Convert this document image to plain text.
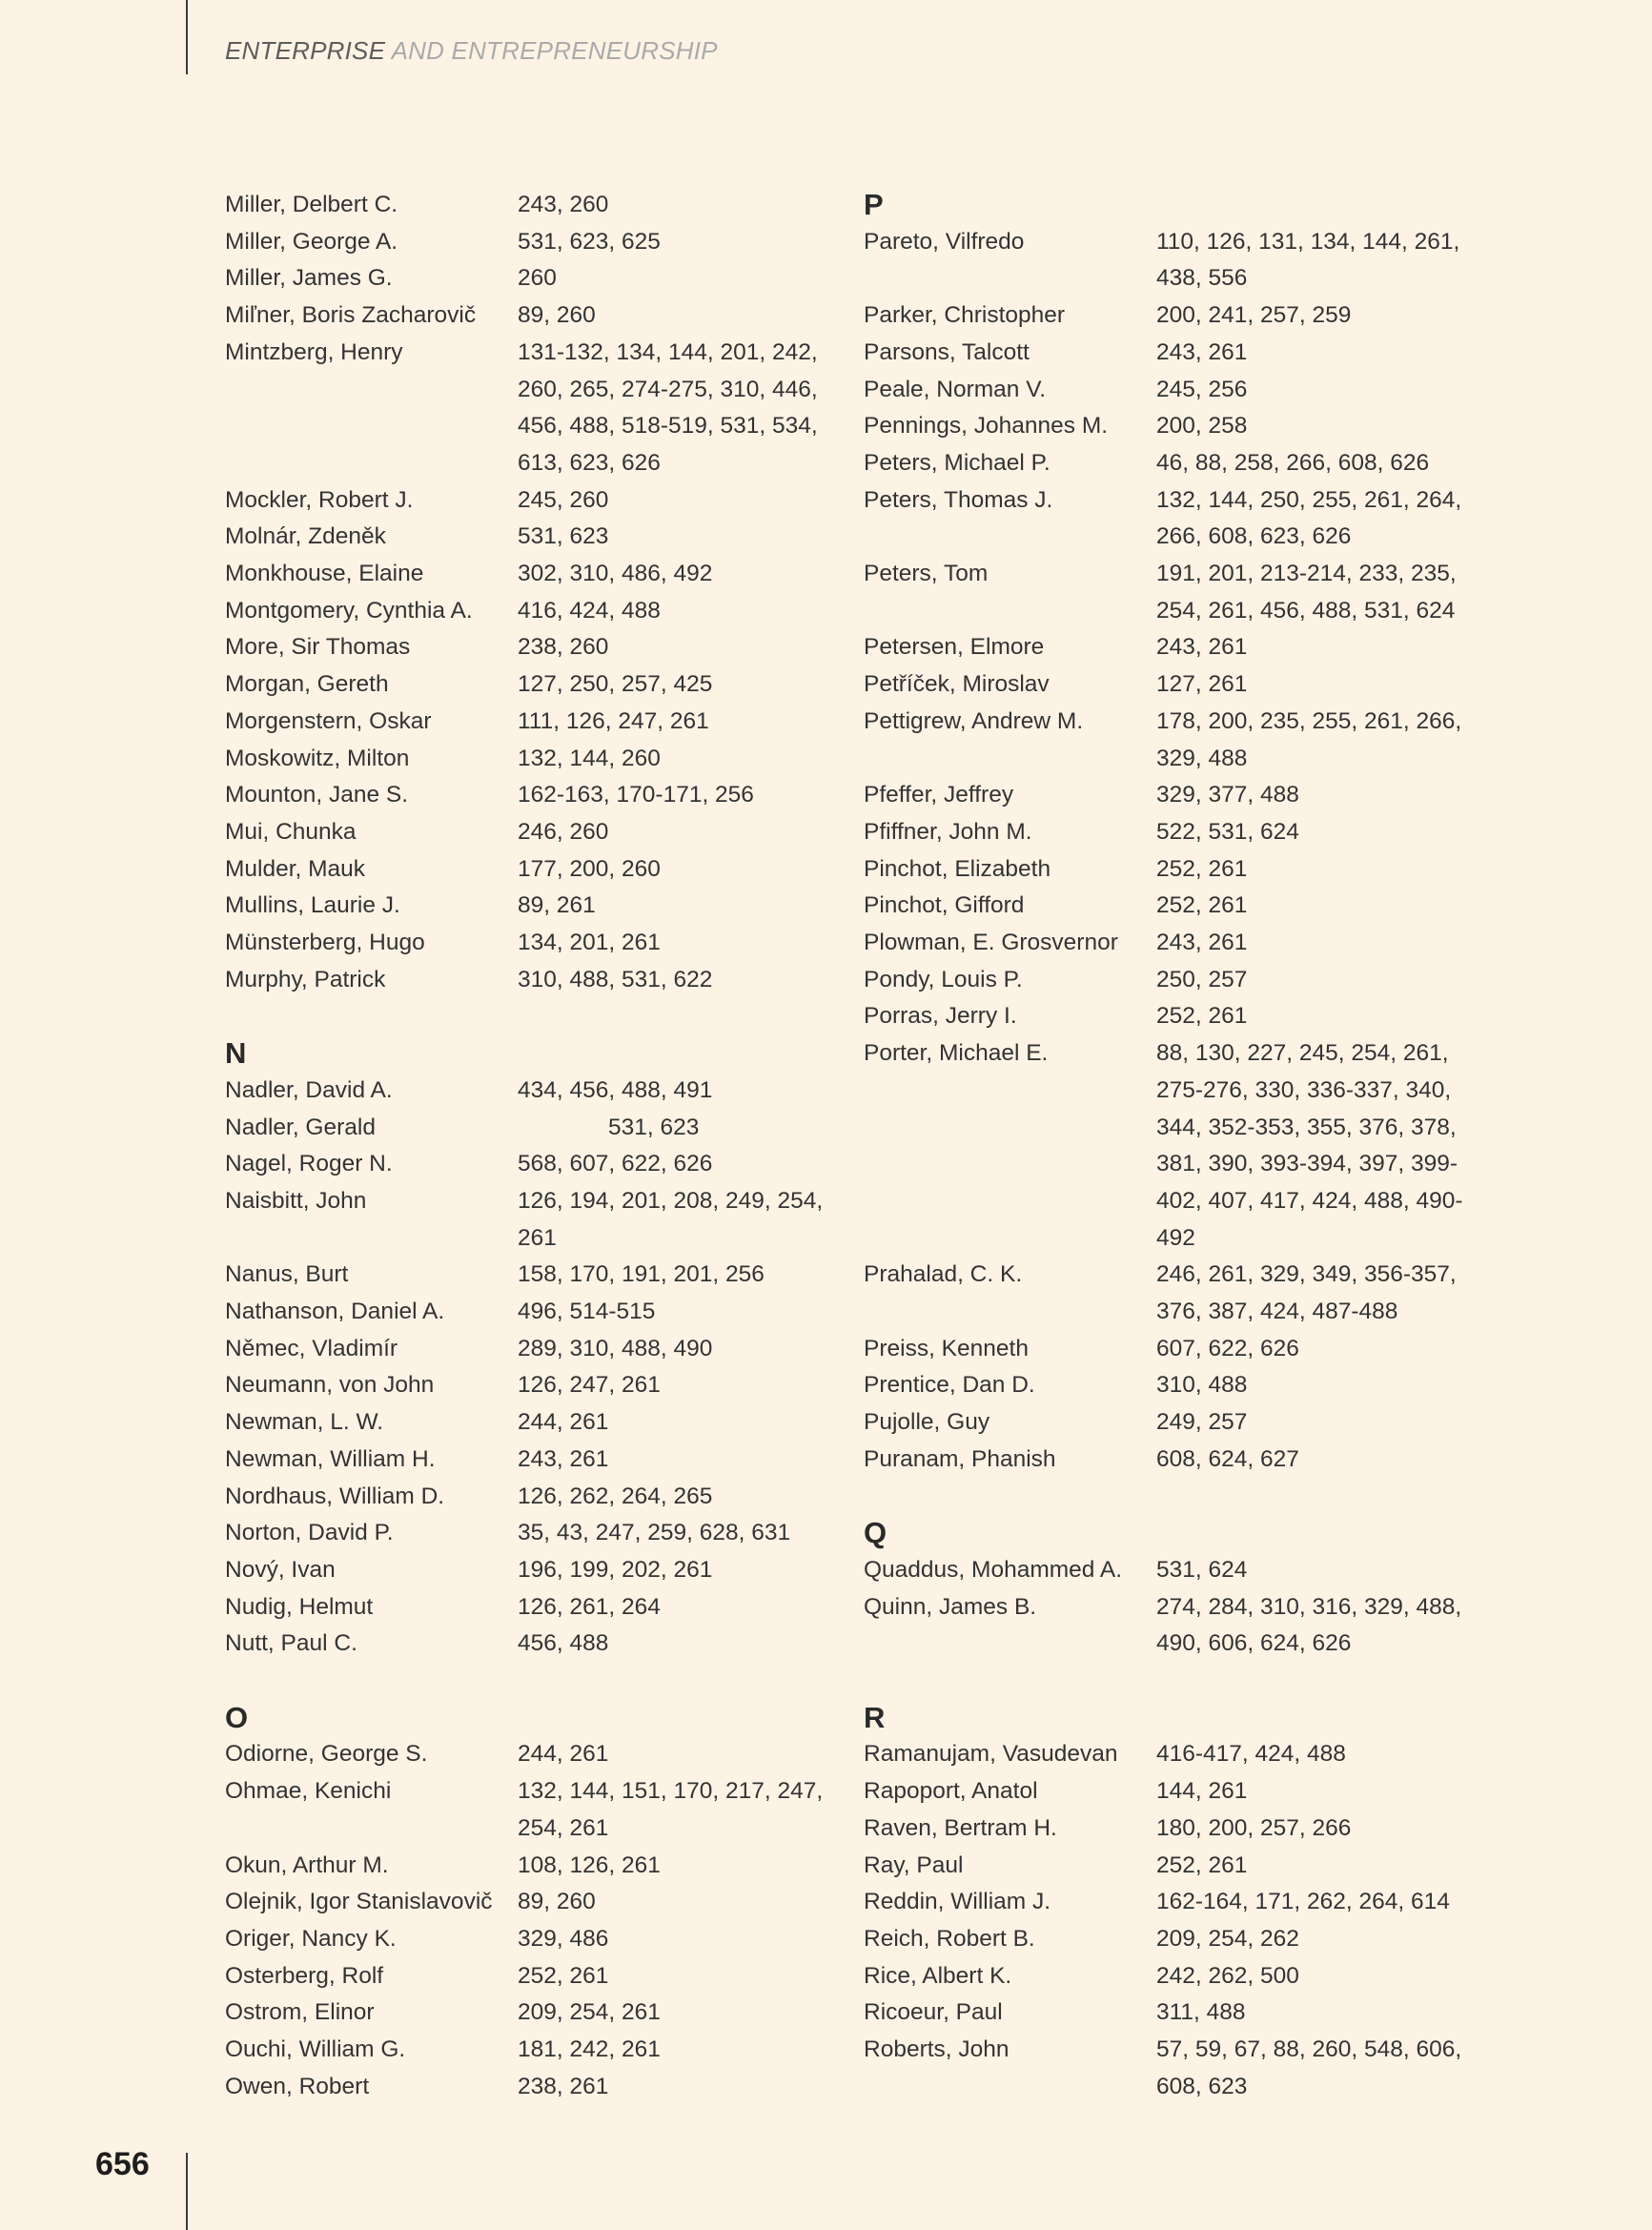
ENTERPRISE AND ENTREPRENEURSHIP
Miller, Delbert C.	243, 260
Miller, George A.	531, 623, 625
Miller, James G.	260
Miľner, Boris Zacharovič	89, 260
Mintzberg, Henry	131-132, 134, 144, 201, 242, 260, 265, 274-275, 310, 446, 456, 488, 518-519, 531, 534, 613, 623, 626
Mockler, Robert J.	245, 260
Molnár, Zdeněk	531, 623
Monkhouse, Elaine	302, 310, 486, 492
Montgomery, Cynthia A.	416, 424, 488
More, Sir Thomas	238, 260
Morgan, Gereth	127, 250, 257, 425
Morgenstern, Oskar	111, 126, 247, 261
Moskowitz, Milton	132, 144, 260
Mounton, Jane S.	162-163, 170-171, 256
Mui, Chunka	246, 260
Mulder, Mauk	177, 200, 260
Mullins, Laurie J.	89, 261
Münsterberg, Hugo	134, 201, 261
Murphy, Patrick	310, 488, 531, 622
N
Nadler, David A.	434, 456, 488, 491
Nadler, Gerald	531, 623
Nagel, Roger N.	568, 607, 622, 626
Naisbitt, John	126, 194, 201, 208, 249, 254, 261
Nanus, Burt	158, 170, 191, 201, 256
Nathanson, Daniel A.	496, 514-515
Němec, Vladimír	289, 310, 488, 490
Neumann, von John	126, 247, 261
Newman, L. W.	244, 261
Newman, William H.	243, 261
Nordhaus, William D.	126, 262, 264, 265
Norton, David P.	35, 43, 247, 259, 628, 631
Nový, Ivan	196, 199, 202, 261
Nudig, Helmut	126, 261, 264
Nutt, Paul C.	456, 488
O
Odiorne, George S.	244, 261
Ohmae, Kenichi	132, 144, 151, 170, 217, 247, 254, 261
Okun, Arthur M.	108, 126, 261
Olejnik, Igor Stanislavovič	89, 260
Origer, Nancy K.	329, 486
Osterberg, Rolf	252, 261
Ostrom, Elinor	209, 254, 261
Ouchi, William G.	181, 242, 261
Owen, Robert	238, 261
P
Pareto, Vilfredo	110, 126, 131, 134, 144, 261, 438, 556
Parker, Christopher	200, 241, 257, 259
Parsons, Talcott	243, 261
Peale, Norman V.	245, 256
Pennings, Johannes M.	200, 258
Peters, Michael P.	46, 88, 258, 266, 608, 626
Peters, Thomas J.	132, 144, 250, 255, 261, 264, 266, 608, 623, 626
Peters, Tom	191, 201, 213-214, 233, 235, 254, 261, 456, 488, 531, 624
Petersen, Elmore	243, 261
Petříček, Miroslav	127, 261
Pettigrew, Andrew M.	178, 200, 235, 255, 261, 266, 329, 488
Pfeffer, Jeffrey	329, 377, 488
Pfiffner, John M.	522, 531, 624
Pinchot, Elizabeth	252, 261
Pinchot, Gifford	252, 261
Plowman, E. Grosvernor	243, 261
Pondy, Louis P.	250, 257
Porras, Jerry I.	252, 261
Porter, Michael E.	88, 130, 227, 245, 254, 261, 275-276, 330, 336-337, 340, 344, 352-353, 355, 376, 378, 381, 390, 393-394, 397, 399-402, 407, 417, 424, 488, 490-492
Prahalad, C. K.	246, 261, 329, 349, 356-357, 376, 387, 424, 487-488
Preiss, Kenneth	607, 622, 626
Prentice, Dan D.	310, 488
Pujolle, Guy	249, 257
Puranam, Phanish	608, 624, 627
Q
Quaddus, Mohammed A.	531, 624
Quinn, James B.	274, 284, 310, 316, 329, 488, 490, 606, 624, 626
R
Ramanujam, Vasudevan	416-417, 424, 488
Rapoport, Anatol	144, 261
Raven, Bertram H.	180, 200, 257, 266
Ray, Paul	252, 261
Reddin, William J.	162-164, 171, 262, 264, 614
Reich, Robert B.	209, 254, 262
Rice, Albert K.	242, 262, 500
Ricoeur, Paul	311, 488
Roberts, John	57, 59, 67, 88, 260, 548, 606, 608, 623
656
